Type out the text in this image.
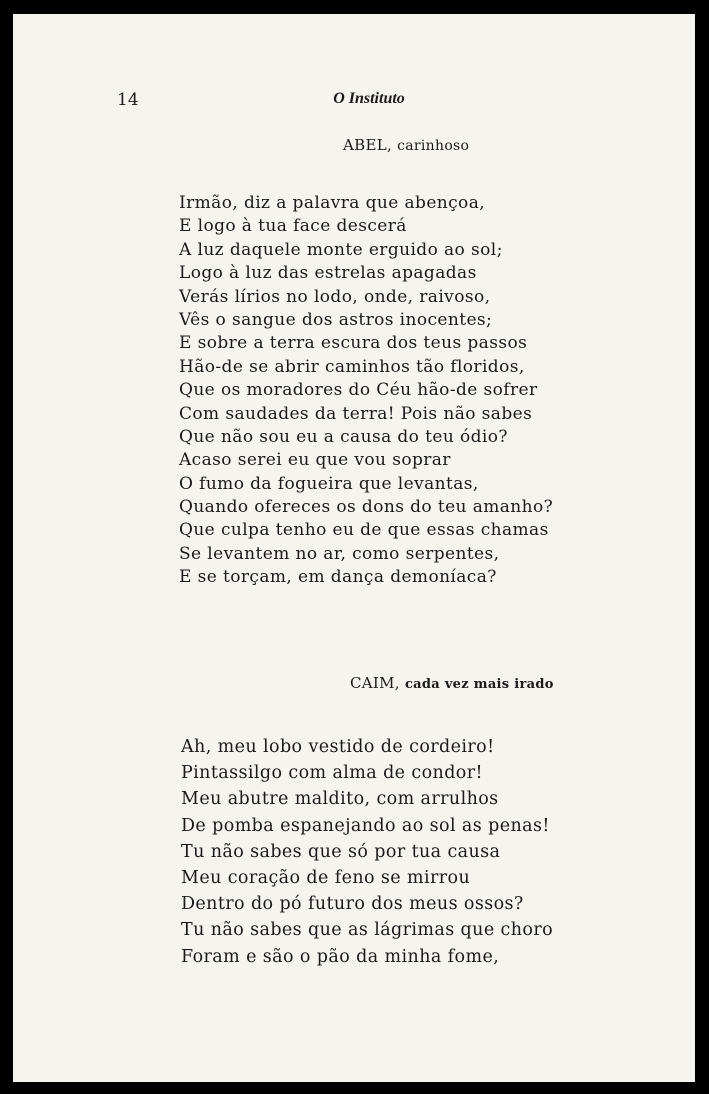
14	O Instituto
ABEL, carinhoso
Irmão, diz a palavra que abençoa,
E logo à tua face descerá
A luz daquele monte erguido ao sol;
Logo à luz das estrelas apagadas
Verás lírios no lodo, onde, raivoso,
Vês o sangue dos astros inocentes;
E sobre a terra escura dos teus passos
Hão-de se abrir caminhos tão floridos,
Que os moradores do Céu hão-de sofrer
Com saudades da terra! Pois não sabes
Que não sou eu a causa do teu ódio?
Acaso serei eu que vou soprar
O fumo da fogueira que levantas,
Quando ofereces os dons do teu amanho?
Que culpa tenho eu de que essas chamas
Se levantem no ar, como serpentes,
E se torçam, em dança demoníaca?
CAIM, cada vez mais irado
Ah, meu lobo vestido de cordeiro!
Pintassilgo com alma de condor!
Meu abutre maldito, com arrulhos
De pomba espanejando ao sol as penas!
Tu não sabes que só por tua causa
Meu coração de feno se mirrou
Dentro do pó futuro dos meus ossos?
Tu não sabes que as lágrimas que choro
Foram e são o pão da minha fome,
